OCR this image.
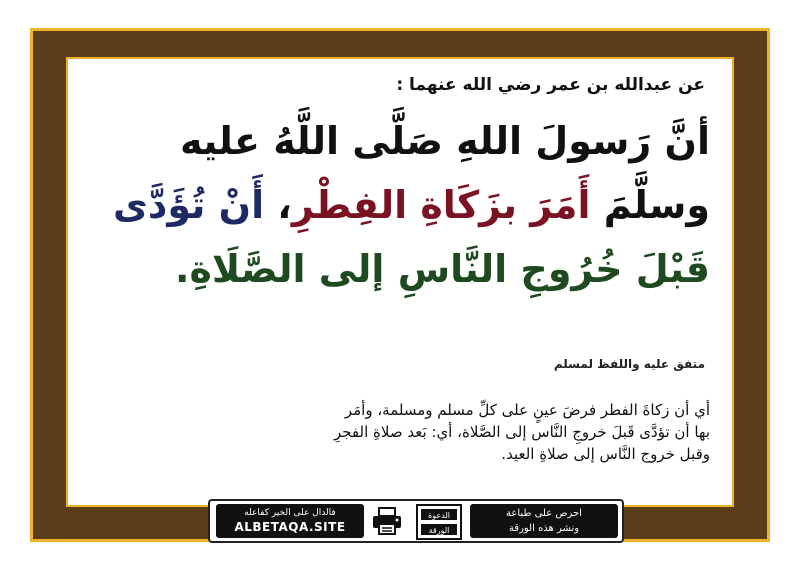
عن عبدالله بن عمر رضي الله عنهما :
أنَّ رَسولَ اللهِ صَلَّى اللَّهُ عليه
وسلَّمَ أَمَرَ بزَكَاةِ الفِطْرِ، أَنْ تُؤَدَّى
قَبْلَ خُرُوجِ النَّاسِ إلى الصَّلَاةِ.
متفق عليه واللفظ لمسلم
أي أن زكاةَ الفطر فرضَ عينٍ على كلِّ مسلم ومسلمة، وأمَر
بها أن تؤدَّى قَبلَ خروجِ النَّاس إلى الصَّلاة، أي: بَعد صلاةِ الفجرِ
وقبل خروج النَّاس إلى صلاةِ العيد.
فالدال على الخير كفاعله
ALBETAQA.SITE
الدعوة
الورقة
احرص على طباعة
ونشر هذه الورقة
